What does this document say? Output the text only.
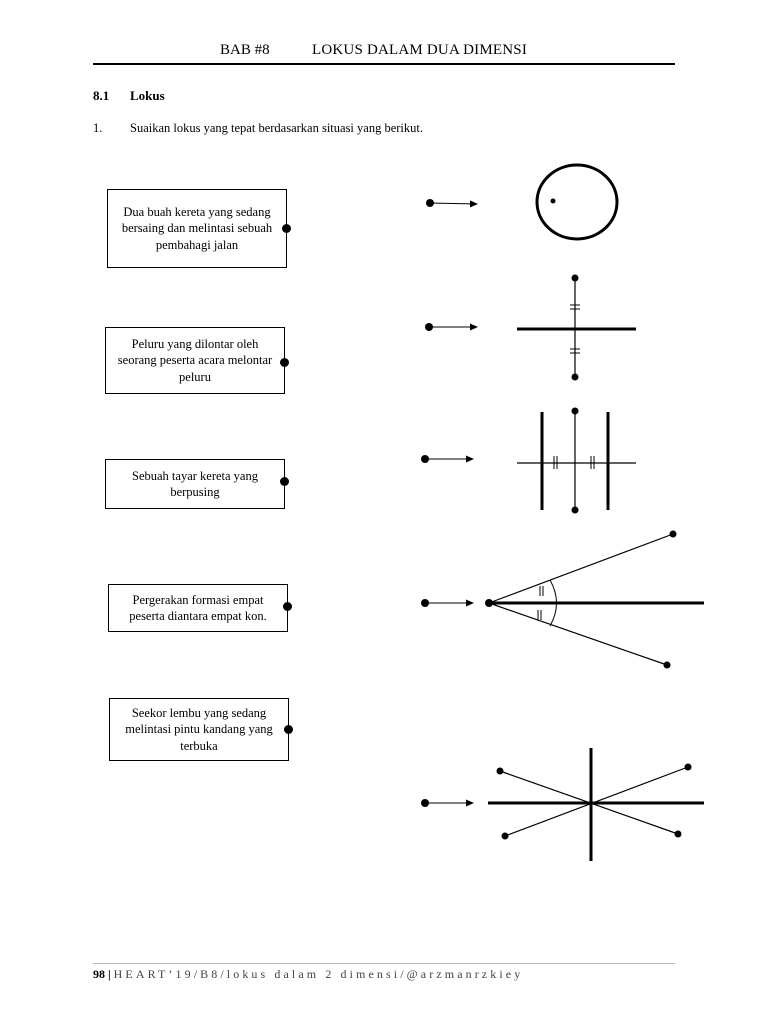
BAB #8	LOKUS DALAM DUA DIMENSI
8.1 Lokus
1. Suaikan lokus yang tepat berdasarkan situasi yang berikut.
Dua buah kereta yang sedang bersaing dan melintasi sebuah pembahagi jalan
Peluru yang dilontar oleh seorang peserta acara melontar peluru
Sebuah tayar kereta yang berpusing
Pergerakan formasi empat peserta diantara empat kon.
Seekor lembu yang sedang melintasi pintu kandang yang terbuka
98 | HEART’19/B8/lokus dalam 2 dimensi/@arzmanrzkiey
